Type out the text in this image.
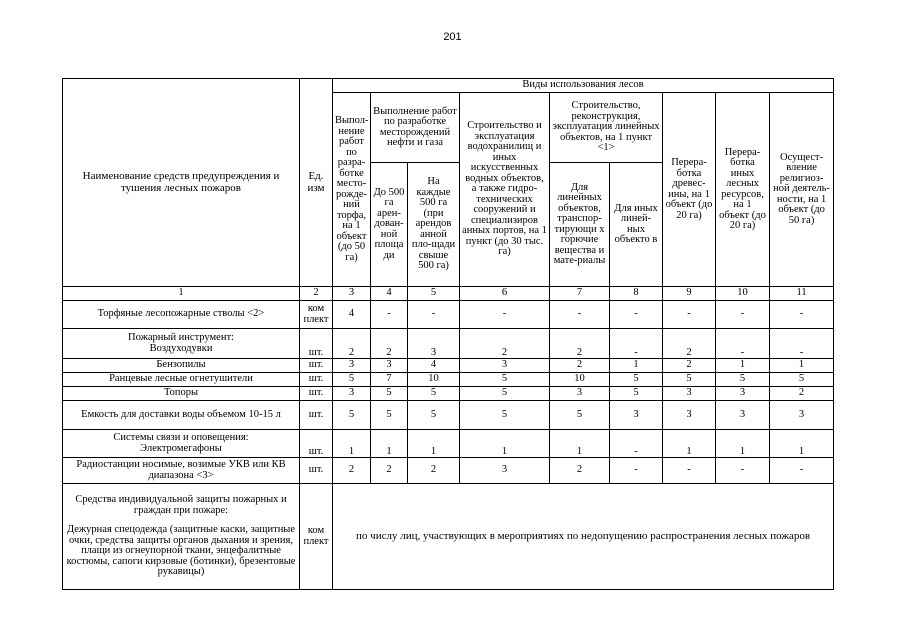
201
Наименование средств предупреждения и тушения лесных пожаров	Ед. изм	Виды использования лесов								
		Выпол-нение работ по разра-ботке место-рожде-ний торфа, на 1 объект (до 50 га)	Выполнение работ по разработке месторождений нефти и газа		Строительство и эксплуатация водохранилищ и иных искусственных водных объектов, а также гидро-технических сооружений и специализиров анных портов, на 1 пункт (до 30 тыс. га)	Строительство, реконструкция, эксплуатация линейных объектов, на 1 пункт <1>		Перера-ботка древес-ины, на 1 объект (до 20 га)	Перера-ботка иных лесных ресурсов, на 1 объект (до 20 га)	Осущест-вление религиоз-ной деятель-ности, на 1 объект (до 50 га)
			До 500 га арен-дован-ной площа ди	На каждые 500 га (при арендов анной пло-щади свыше 500 га)		Для линейных объектов, транспор-тирующи х горючие вещества и матe-риалы	Для иных линей-ных объекто в			
1	2	3	4	5	6	7	8	9	10	11
Торфяные лесопожарные стволы <2>	ком плект	4	-	-	-	-	-	-	-	-

Пожарный инструмент:
Воздуходувки	шт.	2	2	3	2	2	-	2	-	-
Бензопилы	шт.	3	3	4	3	2	1	2	1	1
Ранцевые лесные огнетушители	шт.	5	7	10	5	10	5	5	5	5
Топоры	шт.	3	5	5	5	3	5	3	3	2
Емкость для доставки воды объемом 10-15 л	шт.	5	5	5	5	5	3	3	3	3

Системы связи и оповещения:
Электромегафоны	шт.	1	1	1	1	1	-	1	1	1
Радиостанции носимые, возимые УКВ или КВ диапазона <3>	шт.	2	2	2	3	2	-	-	-	-

Средства индивидуальной защиты пожарных и граждан при пожаре:
Дежурная спецодежда (защитные каски, защитные очки, средства защиты органов дыхания и зрения, плащи из огнеупорной ткани, энцефалитные костюмы, сапоги кирзовые (ботинки), брезентовые рукавицы)	ком плект	по числу лиц, участвующих в мероприятиях по недопущению распространения лесных пожаров								
